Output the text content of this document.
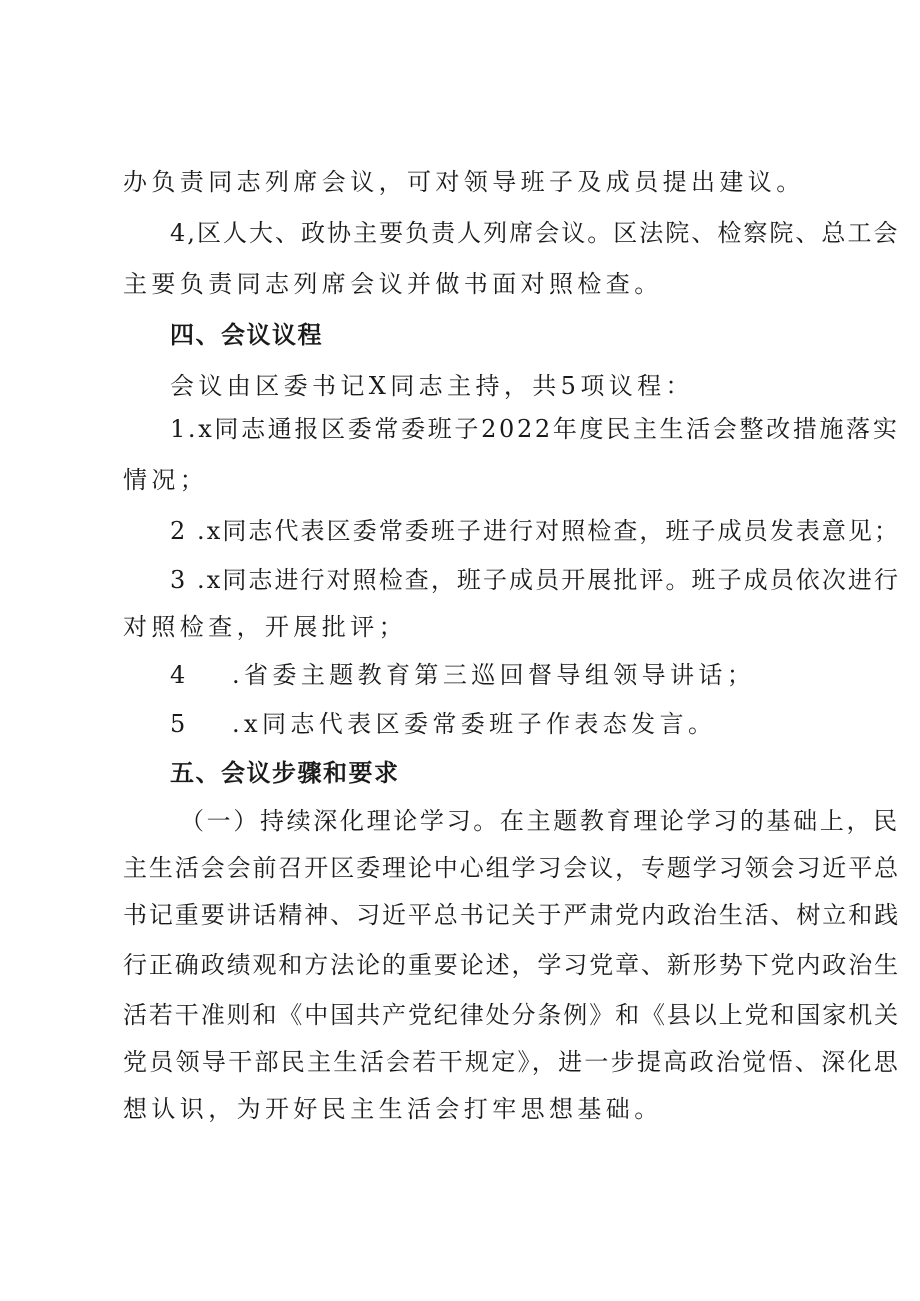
办负责同志列席会议，可对领导班子及成员提出建议。
4,区人大、政协主要负责人列席会议。区法院、检察院、总工会
主要负责同志列席会议并做书面对照检查。
四、会议议程
会议由区委书记X同志主持，共5项议程：
1.x同志通报区委常委班子2022年度民主生活会整改措施落实
情况；
2 .x同志代表区委常委班子进行对照检查，班子成员发表意见；
3 .x同志进行对照检查，班子成员开展批评。班子成员依次进行
对照检查，开展批评；
4 .省委主题教育第三巡回督导组领导讲话；
5 .x同志代表区委常委班子作表态发言。
五、会议步骤和要求
（一）持续深化理论学习。在主题教育理论学习的基础上，民
主生活会会前召开区委理论中心组学习会议，专题学习领会习近平总
书记重要讲话精神、习近平总书记关于严肃党内政治生活、树立和践
行正确政绩观和方法论的重要论述，学习党章、新形势下党内政治生
活若干准则和《中国共产党纪律处分条例》和《县以上党和国家机关
党员领导干部民主生活会若干规定》，进一步提高政治觉悟、深化思
想认识，为开好民主生活会打牢思想基础。
